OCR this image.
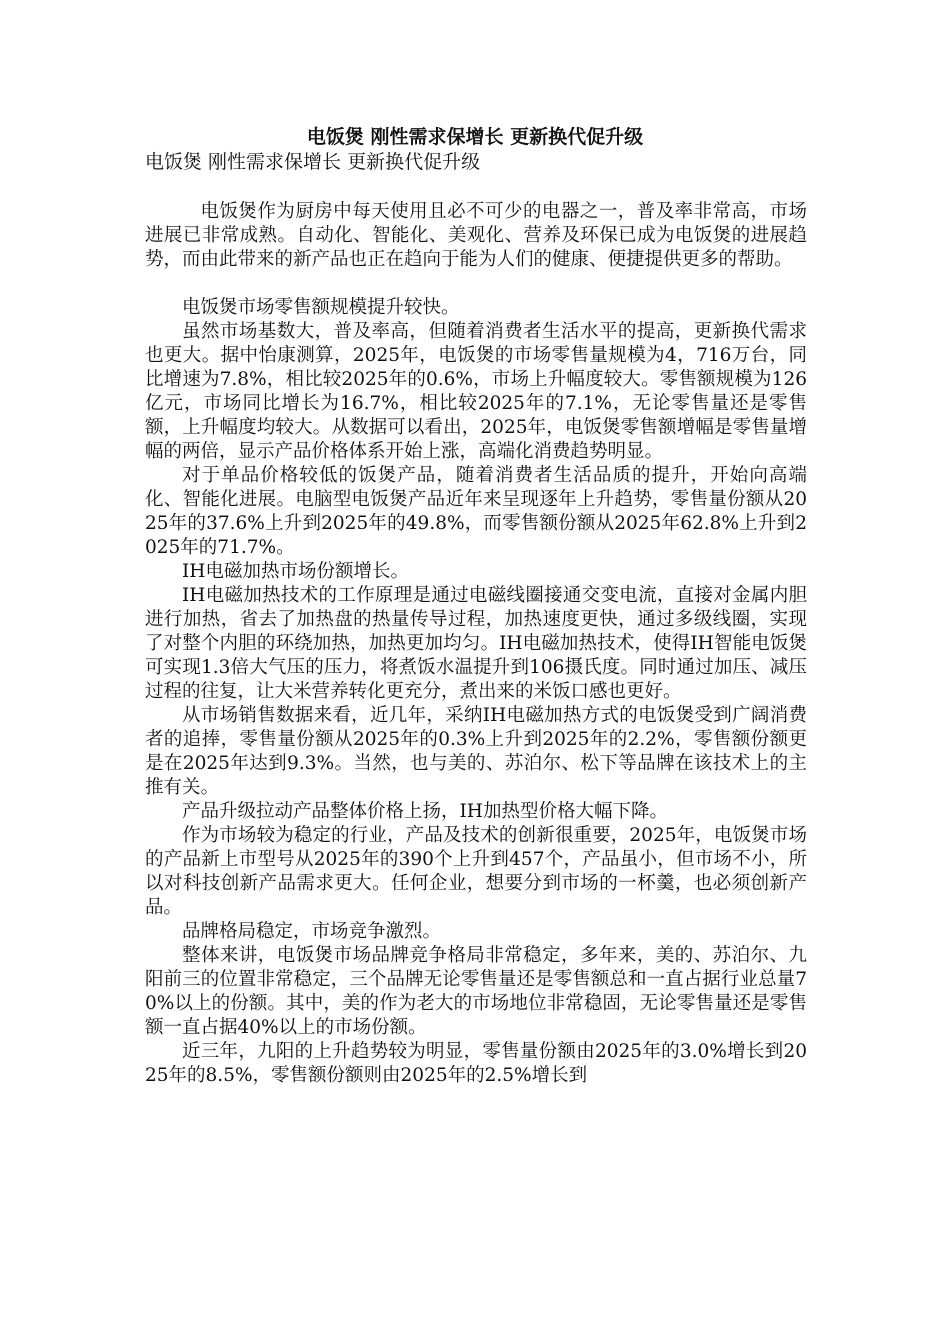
电饭煲 刚性需求保增长 更新换代促升级
电饭煲 刚性需求保增长 更新换代促升级

电饭煲作为厨房中每天使用且必不可少的电器之一，普及率非常高，市场进展已非常成熟。自动化、智能化、美观化、营养及环保已成为电饭煲的进展趋势，而由此带来的新产品也正在趋向于能为人们的健康、便捷提供更多的帮助。

电饭煲市场零售额规模提升较快。

虽然市场基数大，普及率高，但随着消费者生活水平的提高，更新换代需求也更大。据中怡康测算，2025年，电饭煲的市场零售量规模为4，716万台，同比增速为7.8%，相比较2025年的0.6%，市场上升幅度较大。零售额规模为126亿元，市场同比增长为16.7%，相比较2025年的7.1%，无论零售量还是零售额，上升幅度均较大。从数据可以看出，2025年，电饭煲零售额增幅是零售量增幅的两倍，显示产品价格体系开始上涨，高端化消费趋势明显。

对于单品价格较低的饭煲产品，随着消费者生活品质的提升，开始向高端化、智能化进展。电脑型电饭煲产品近年来呈现逐年上升趋势，零售量份额从2025年的37.6%上升到2025年的49.8%，而零售额份额从2025年62.8%上升到2025年的71.7%。

IH电磁加热市场份额增长。

IH电磁加热技术的工作原理是通过电磁线圈接通交变电流，直接对金属内胆进行加热，省去了加热盘的热量传导过程，加热速度更快，通过多级线圈，实现了对整个内胆的环绕加热，加热更加均匀。IH电磁加热技术，使得IH智能电饭煲可实现1.3倍大气压的压力，将煮饭水温提升到106摄氏度。同时通过加压、减压过程的往复，让大米营养转化更充分，煮出来的米饭口感也更好。

从市场销售数据来看，近几年，采纳IH电磁加热方式的电饭煲受到广阔消费者的追捧，零售量份额从2025年的0.3%上升到2025年的2.2%，零售额份额更是在2025年达到9.3%。当然，也与美的、苏泊尔、松下等品牌在该技术上的主推有关。

产品升级拉动产品整体价格上扬，IH加热型价格大幅下降。

作为市场较为稳定的行业，产品及技术的创新很重要，2025年，电饭煲市场的产品新上市型号从2025年的390个上升到457个，产品虽小，但市场不小，所以对科技创新产品需求更大。任何企业，想要分到市场的一杯羹，也必须创新产品。

品牌格局稳定，市场竞争激烈。

整体来讲，电饭煲市场品牌竞争格局非常稳定，多年来，美的、苏泊尔、九阳前三的位置非常稳定，三个品牌无论零售量还是零售额总和一直占据行业总量70%以上的份额。其中，美的作为老大的市场地位非常稳固，无论零售量还是零售额一直占据40%以上的市场份额。

近三年，九阳的上升趋势较为明显，零售量份额由2025年的3.0%增长到2025年的8.5%，零售额份额则由2025年的2.5%增长到
